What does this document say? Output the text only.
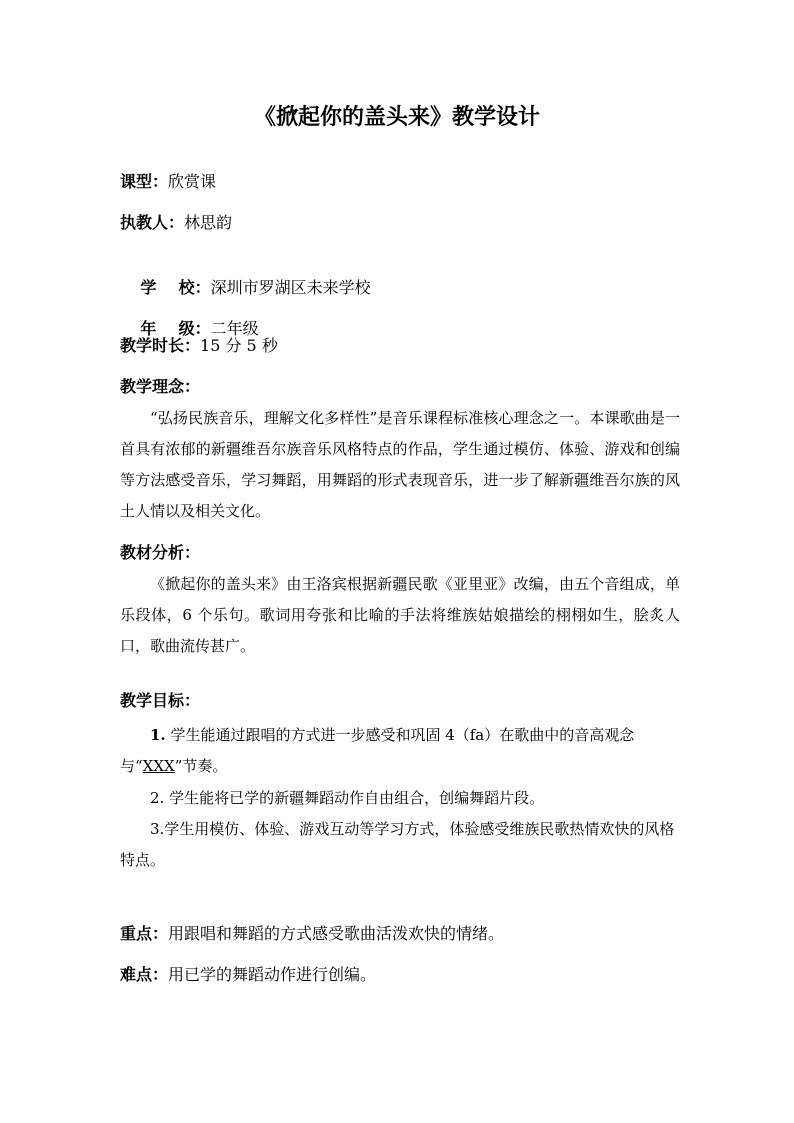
《掀起你的盖头来》教学设计
课型：欣赏课
执教人：林思韵

学    校：深圳市罗湖区未来学校

年    级：二年级

教学时长：15 分 5 秒
教学理念：
“弘扬民族音乐，理解文化多样性”是音乐课程标准核心理念之一。本课歌曲是一首具有浓郁的新疆维吾尔族音乐风格特点的作品，学生通过模仿、体验、游戏和创编等方法感受音乐，学习舞蹈，用舞蹈的形式表现音乐，进一步了解新疆维吾尔族的风土人情以及相关文化。
教材分析：
《掀起你的盖头来》由王洛宾根据新疆民歌《亚里亚》改编，由五个音组成，单乐段体，6 个乐句。歌词用夸张和比喻的手法将维族姑娘描绘的栩栩如生，脍炙人口，歌曲流传甚广。
教学目标：
1. 学生能通过跟唱的方式进一步感受和巩固 4（fa）在歌曲中的音高观念与“XXX”节奏。
2. 学生能将已学的新疆舞蹈动作自由组合，创编舞蹈片段。
3.学生用模仿、体验、游戏互动等学习方式，体验感受维族民歌热情欢快的风格特点。
重点：用跟唱和舞蹈的方式感受歌曲活泼欢快的情绪。
难点：用已学的舞蹈动作进行创编。
